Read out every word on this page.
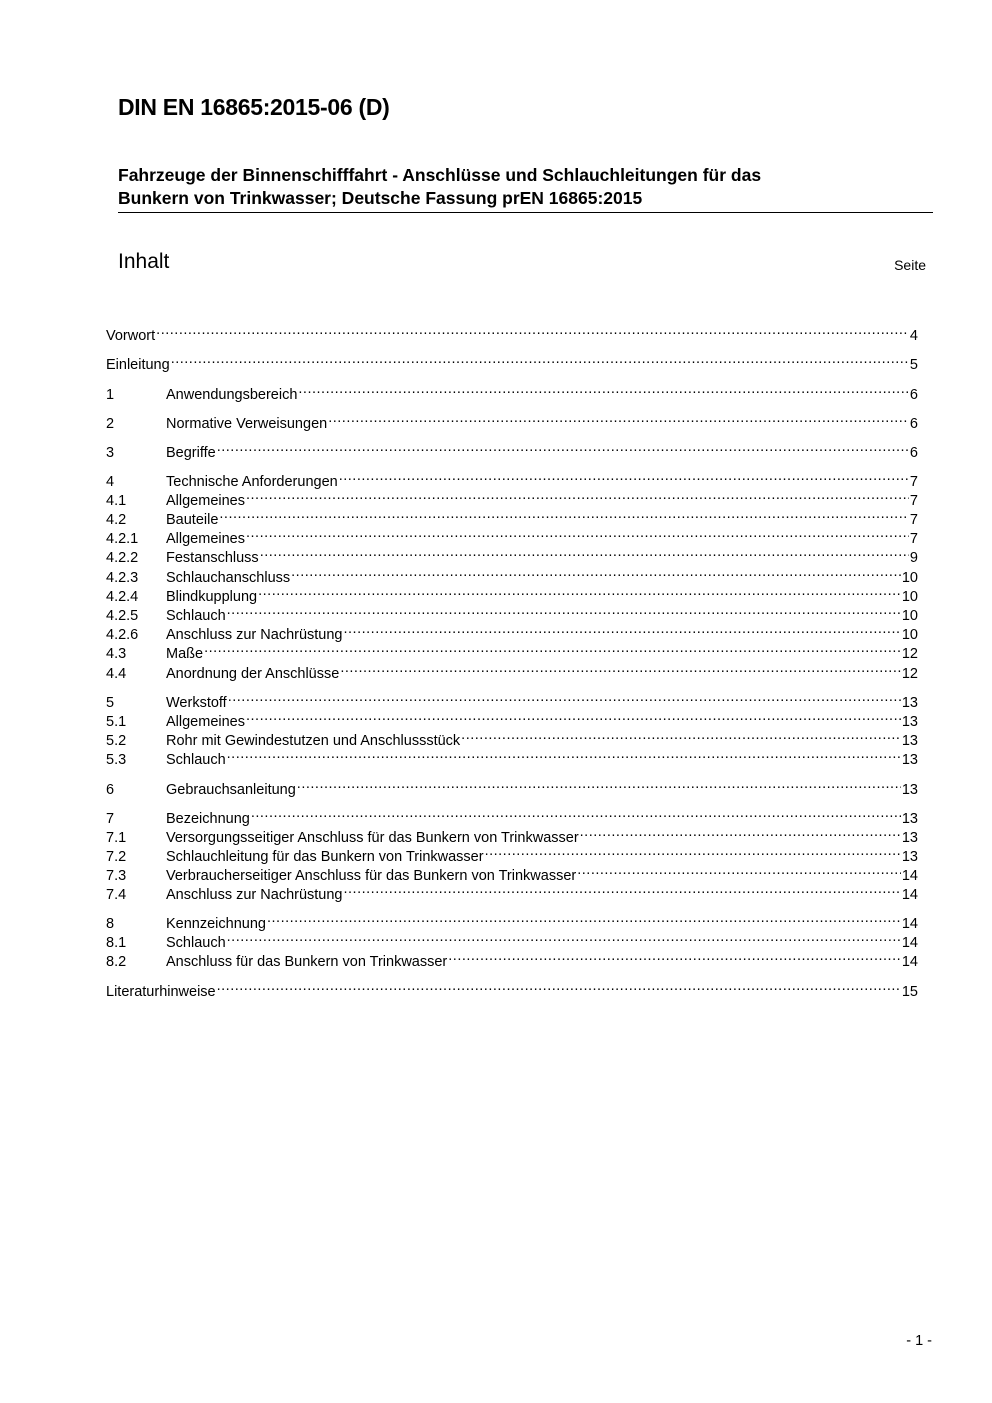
DIN EN 16865:2015-06 (D)
Fahrzeuge der Binnenschifffahrt - Anschlüsse und Schlauchleitungen für das
Bunkern von Trinkwasser; Deutsche Fassung prEN 16865:2015
Inhalt	Seite
Vorwort .....	4
Einleitung .....	5
1	Anwendungsbereich .....	6
2	Normative Verweisungen .....	6
3	Begriffe .....	6
4	Technische Anforderungen .....	7
4.1	Allgemeines .....	7
4.2	Bauteile .....	7
4.2.1	Allgemeines .....	7
4.2.2	Festanschluss .....	9
4.2.3	Schlauchanschluss .....	10
4.2.4	Blindkupplung .....	10
4.2.5	Schlauch .....	10
4.2.6	Anschluss zur Nachrüstung .....	10
4.3	Maße .....	12
4.4	Anordnung der Anschlüsse .....	12
5	Werkstoff .....	13
5.1	Allgemeines .....	13
5.2	Rohr mit Gewindestutzen und Anschlussstück .....	13
5.3	Schlauch .....	13
6	Gebrauchsanleitung .....	13
7	Bezeichnung .....	13
7.1	Versorgungsseitiger Anschluss für das Bunkern von Trinkwasser .....	13
7.2	Schlauchleitung für das Bunkern von Trinkwasser .....	13
7.3	Verbraucherseitiger Anschluss für das Bunkern von Trinkwasser .....	14
7.4	Anschluss zur Nachrüstung .....	14
8	Kennzeichnung .....	14
8.1	Schlauch .....	14
8.2	Anschluss für das Bunkern von Trinkwasser .....	14
Literaturhinweise .....	15
- 1 -
